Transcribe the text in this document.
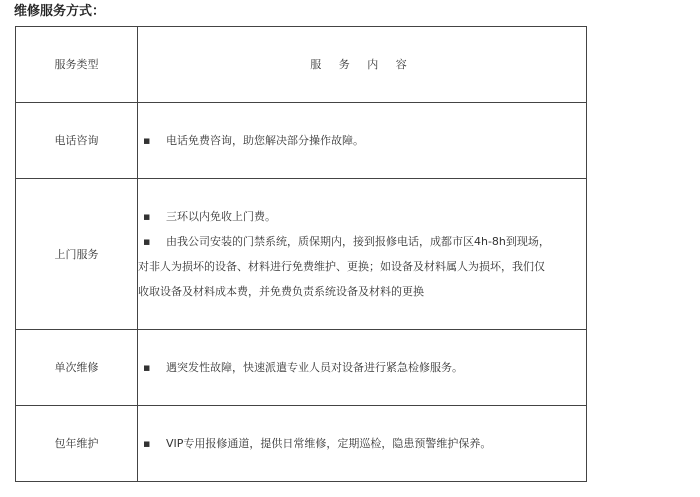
维修服务方式：
服务类型	服 务 内 容
电话咨询	▪ 电话免费咨询，助您解决部分操作故障。

上门服务	▪ 三环以内免收上门费。
▪ 由我公司安装的门禁系统，质保期内，接到报修电话，成都市区4h-8h到现场，
对非人为损坏的设备、材料进行免费维护、更换；如设备及材料属人为损坏，我们仅
收取设备及材料成本费，并免费负责系统设备及材料的更换

单次维修	▪ 遇突发性故障，快速派遣专业人员对设备进行紧急检修服务。

包年维护	▪ VIP专用报修通道，提供日常维修，定期巡检，隐患预警维护保养。
